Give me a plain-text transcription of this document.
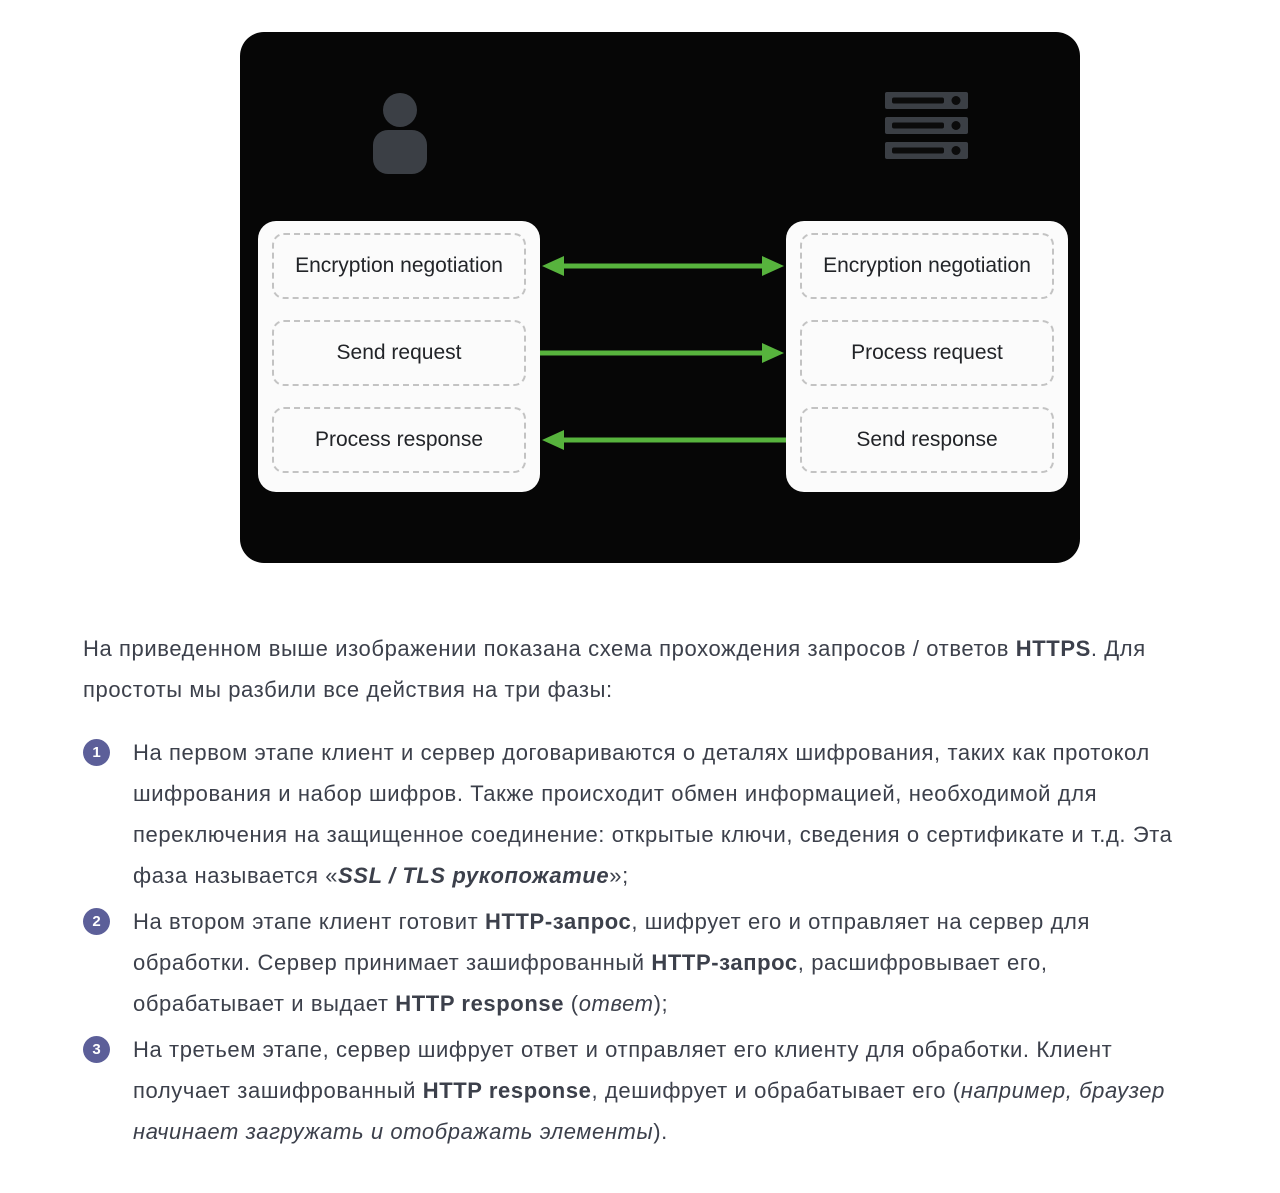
Encryption negotiation
Send request
Process response
Encryption negotiation
Process request
Send response

На приведенном выше изображении показана схема прохождения запросов / ответов HTTPS. Для простоты мы разбили все действия на три фазы:

1	На первом этапе клиент и сервер договариваются о деталях шифрования, таких как протокол шифрования и набор шифров. Также происходит обмен информацией, необходимой для переключения на защищенное соединение: открытые ключи, сведения о сертификате и т.д. Эта фаза называется «SSL / TLS рукопожатие»;

2	На втором этапе клиент готовит HTTP-запрос, шифрует его и отправляет на сервер для обработки. Сервер принимает зашифрованный HTTP-запрос, расшифровывает его, обрабатывает и выдает HTTP response (ответ);

3	На третьем этапе, сервер шифрует ответ и отправляет его клиенту для обработки. Клиент получает зашифрованный HTTP response, дешифрует и обрабатывает его (например, браузер начинает загружать и отображать элементы).
